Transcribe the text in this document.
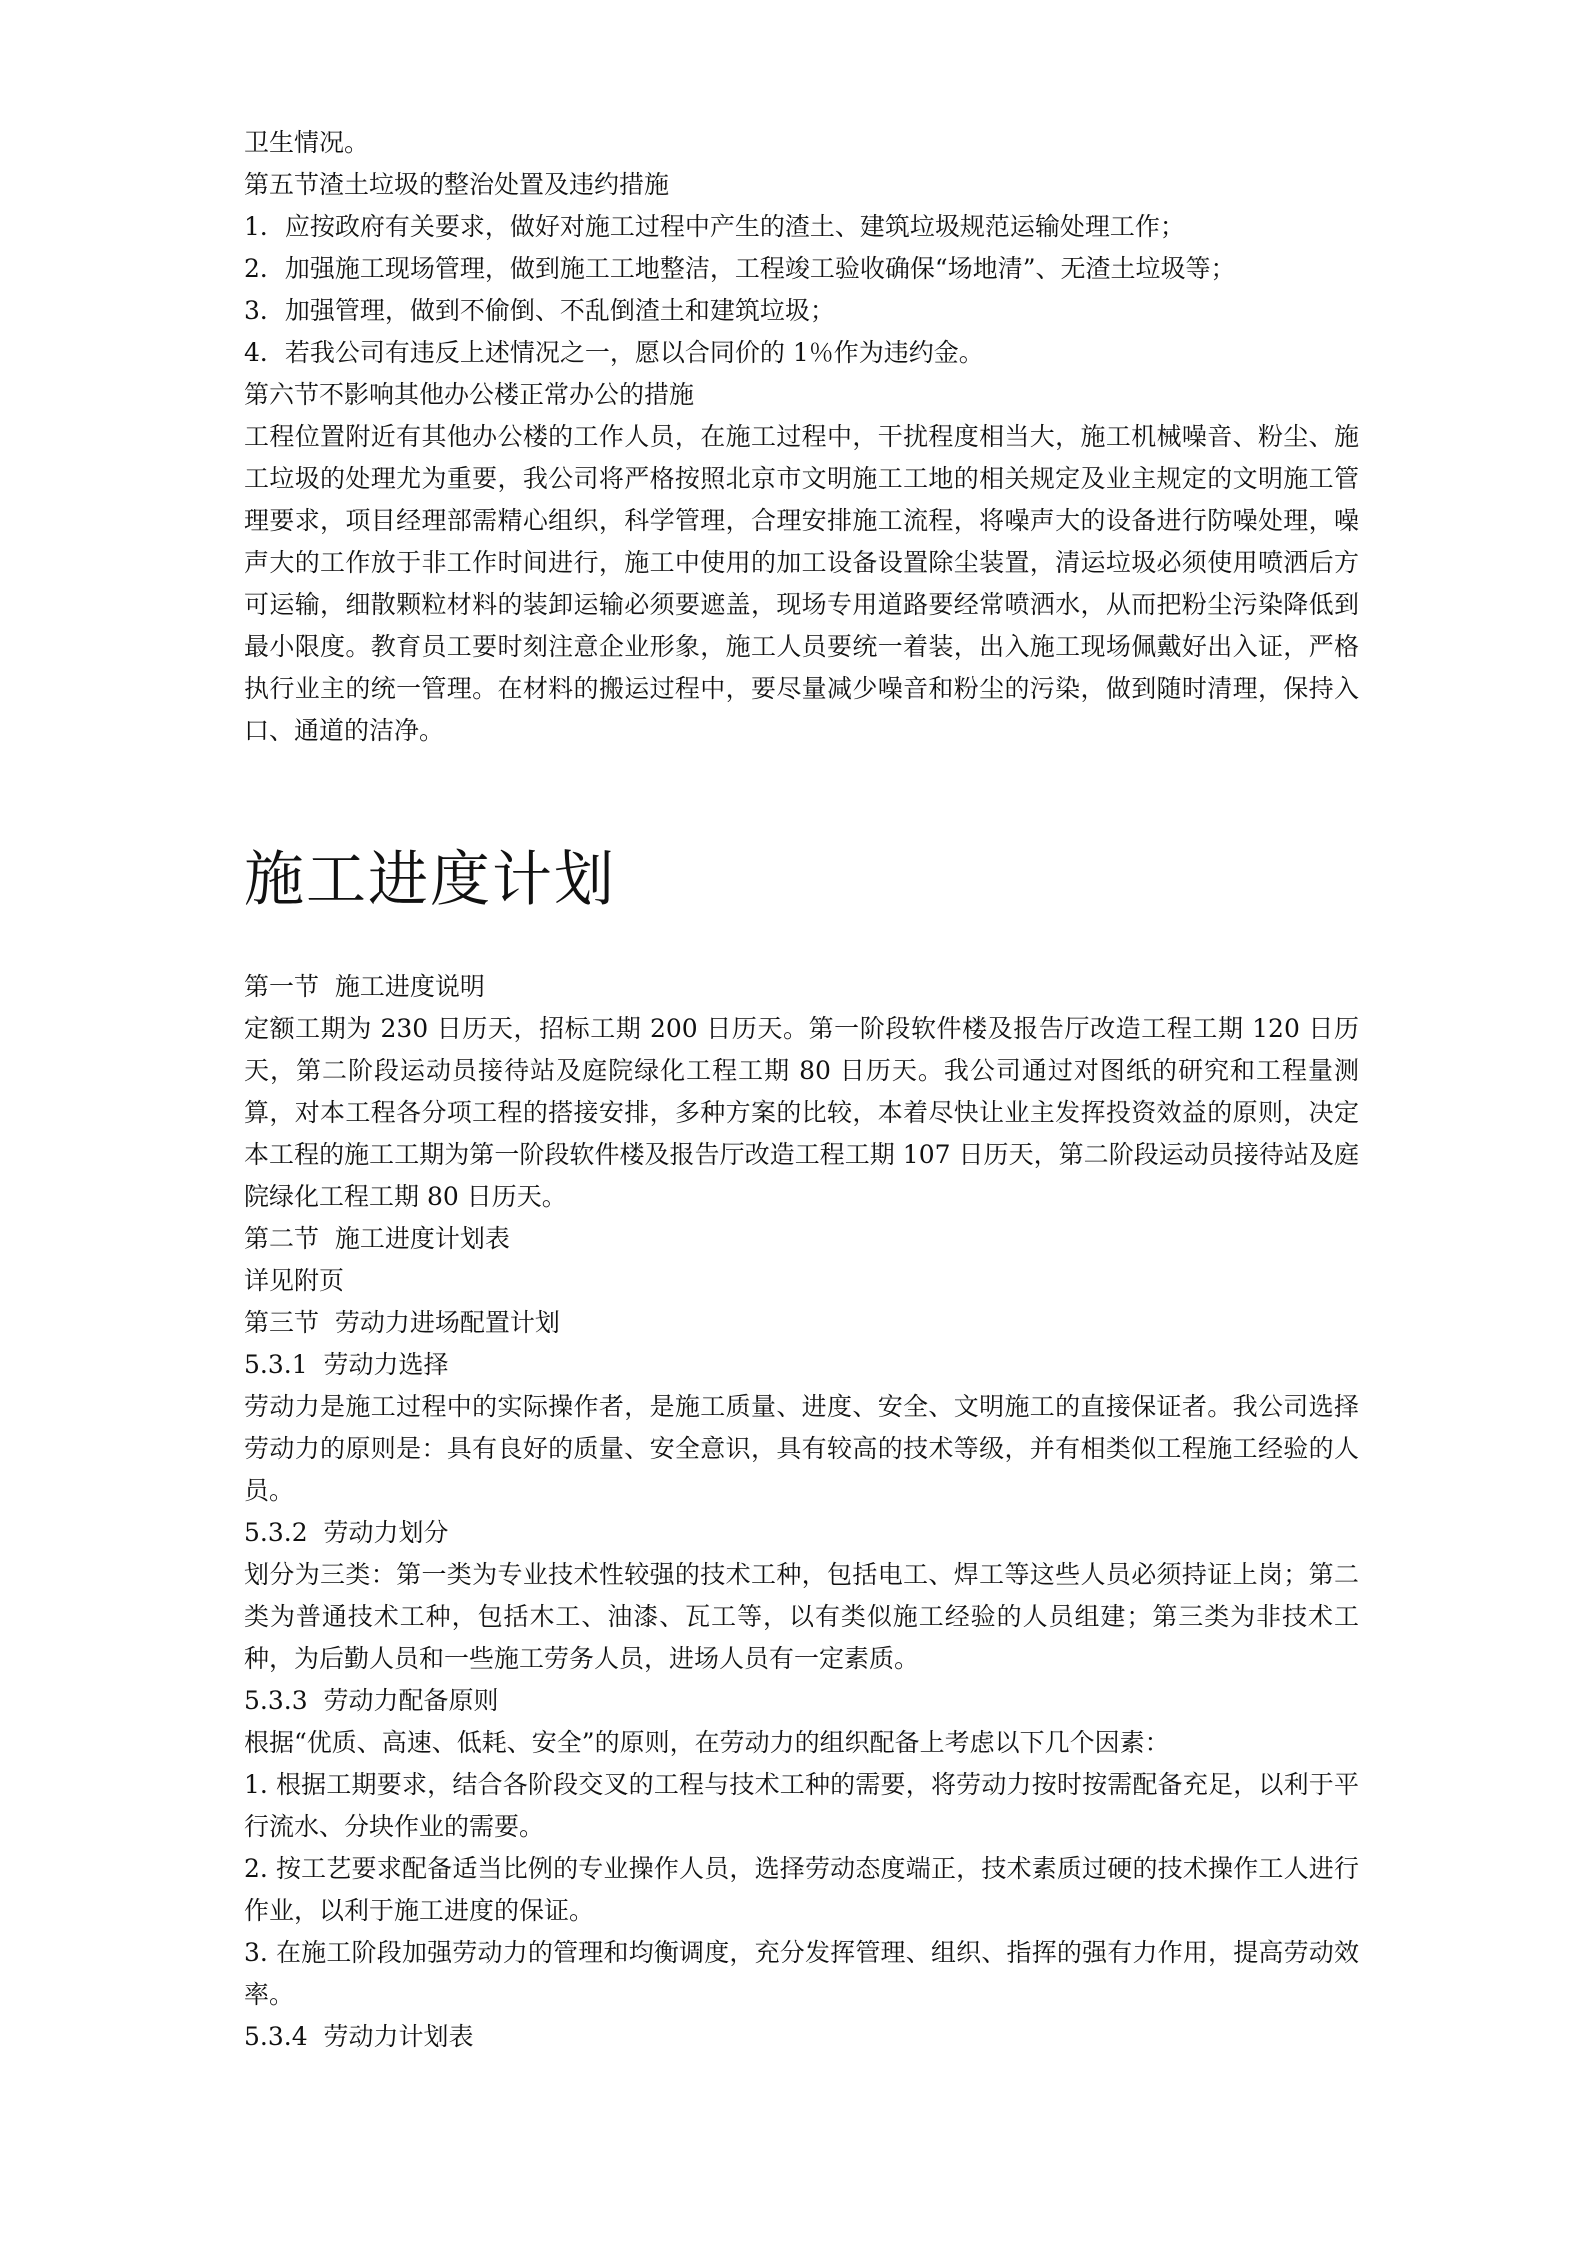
卫生情况。

第五节渣土垃圾的整治处置及违约措施

1．应按政府有关要求，做好对施工过程中产生的渣土、建筑垃圾规范运输处理工作；

2．加强施工现场管理，做到施工工地整洁，工程竣工验收确保“场地清”、无渣土垃圾等；

3．加强管理，做到不偷倒、不乱倒渣土和建筑垃圾；

4．若我公司有违反上述情况之一，愿以合同价的 1％作为违约金。

第六节不影响其他办公楼正常办公的措施

工程位置附近有其他办公楼的工作人员，在施工过程中，干扰程度相当大，施工机械噪音、粉尘、施工垃圾的处理尤为重要，我公司将严格按照北京市文明施工工地的相关规定及业主规定的文明施工管理要求，项目经理部需精心组织，科学管理，合理安排施工流程，将噪声大的设备进行防噪处理，噪声大的工作放于非工作时间进行，施工中使用的加工设备设置除尘装置，清运垃圾必须使用喷洒后方可运输，细散颗粒材料的装卸运输必须要遮盖，现场专用道路要经常喷洒水，从而把粉尘污染降低到最小限度。教育员工要时刻注意企业形象，施工人员要统一着装，出入施工现场佩戴好出入证，严格执行业主的统一管理。在材料的搬运过程中，要尽量减少噪音和粉尘的污染，做到随时清理，保持入口、通道的洁净。

施工进度计划

第一节  施工进度说明

定额工期为 230 日历天，招标工期 200 日历天。第一阶段软件楼及报告厅改造工程工期 120 日历天，第二阶段运动员接待站及庭院绿化工程工期 80 日历天。我公司通过对图纸的研究和工程量测算，对本工程各分项工程的搭接安排，多种方案的比较，本着尽快让业主发挥投资效益的原则，决定本工程的施工工期为第一阶段软件楼及报告厅改造工程工期 107 日历天，第二阶段运动员接待站及庭院绿化工程工期 80 日历天。

第二节  施工进度计划表

详见附页

第三节  劳动力进场配置计划

5.3.1  劳动力选择

劳动力是施工过程中的实际操作者，是施工质量、进度、安全、文明施工的直接保证者。我公司选择劳动力的原则是：具有良好的质量、安全意识，具有较高的技术等级，并有相类似工程施工经验的人员。

5.3.2  劳动力划分

划分为三类：第一类为专业技术性较强的技术工种，包括电工、焊工等这些人员必须持证上岗；第二类为普通技术工种，包括木工、油漆、瓦工等，以有类似施工经验的人员组建；第三类为非技术工种，为后勤人员和一些施工劳务人员，进场人员有一定素质。

5.3.3  劳动力配备原则

根据“优质、高速、低耗、安全”的原则，在劳动力的组织配备上考虑以下几个因素：

1. 根据工期要求，结合各阶段交叉的工程与技术工种的需要，将劳动力按时按需配备充足，以利于平行流水、分块作业的需要。

2. 按工艺要求配备适当比例的专业操作人员，选择劳动态度端正，技术素质过硬的技术操作工人进行作业，以利于施工进度的保证。

3. 在施工阶段加强劳动力的管理和均衡调度，充分发挥管理、组织、指挥的强有力作用，提高劳动效率。

5.3.4  劳动力计划表
